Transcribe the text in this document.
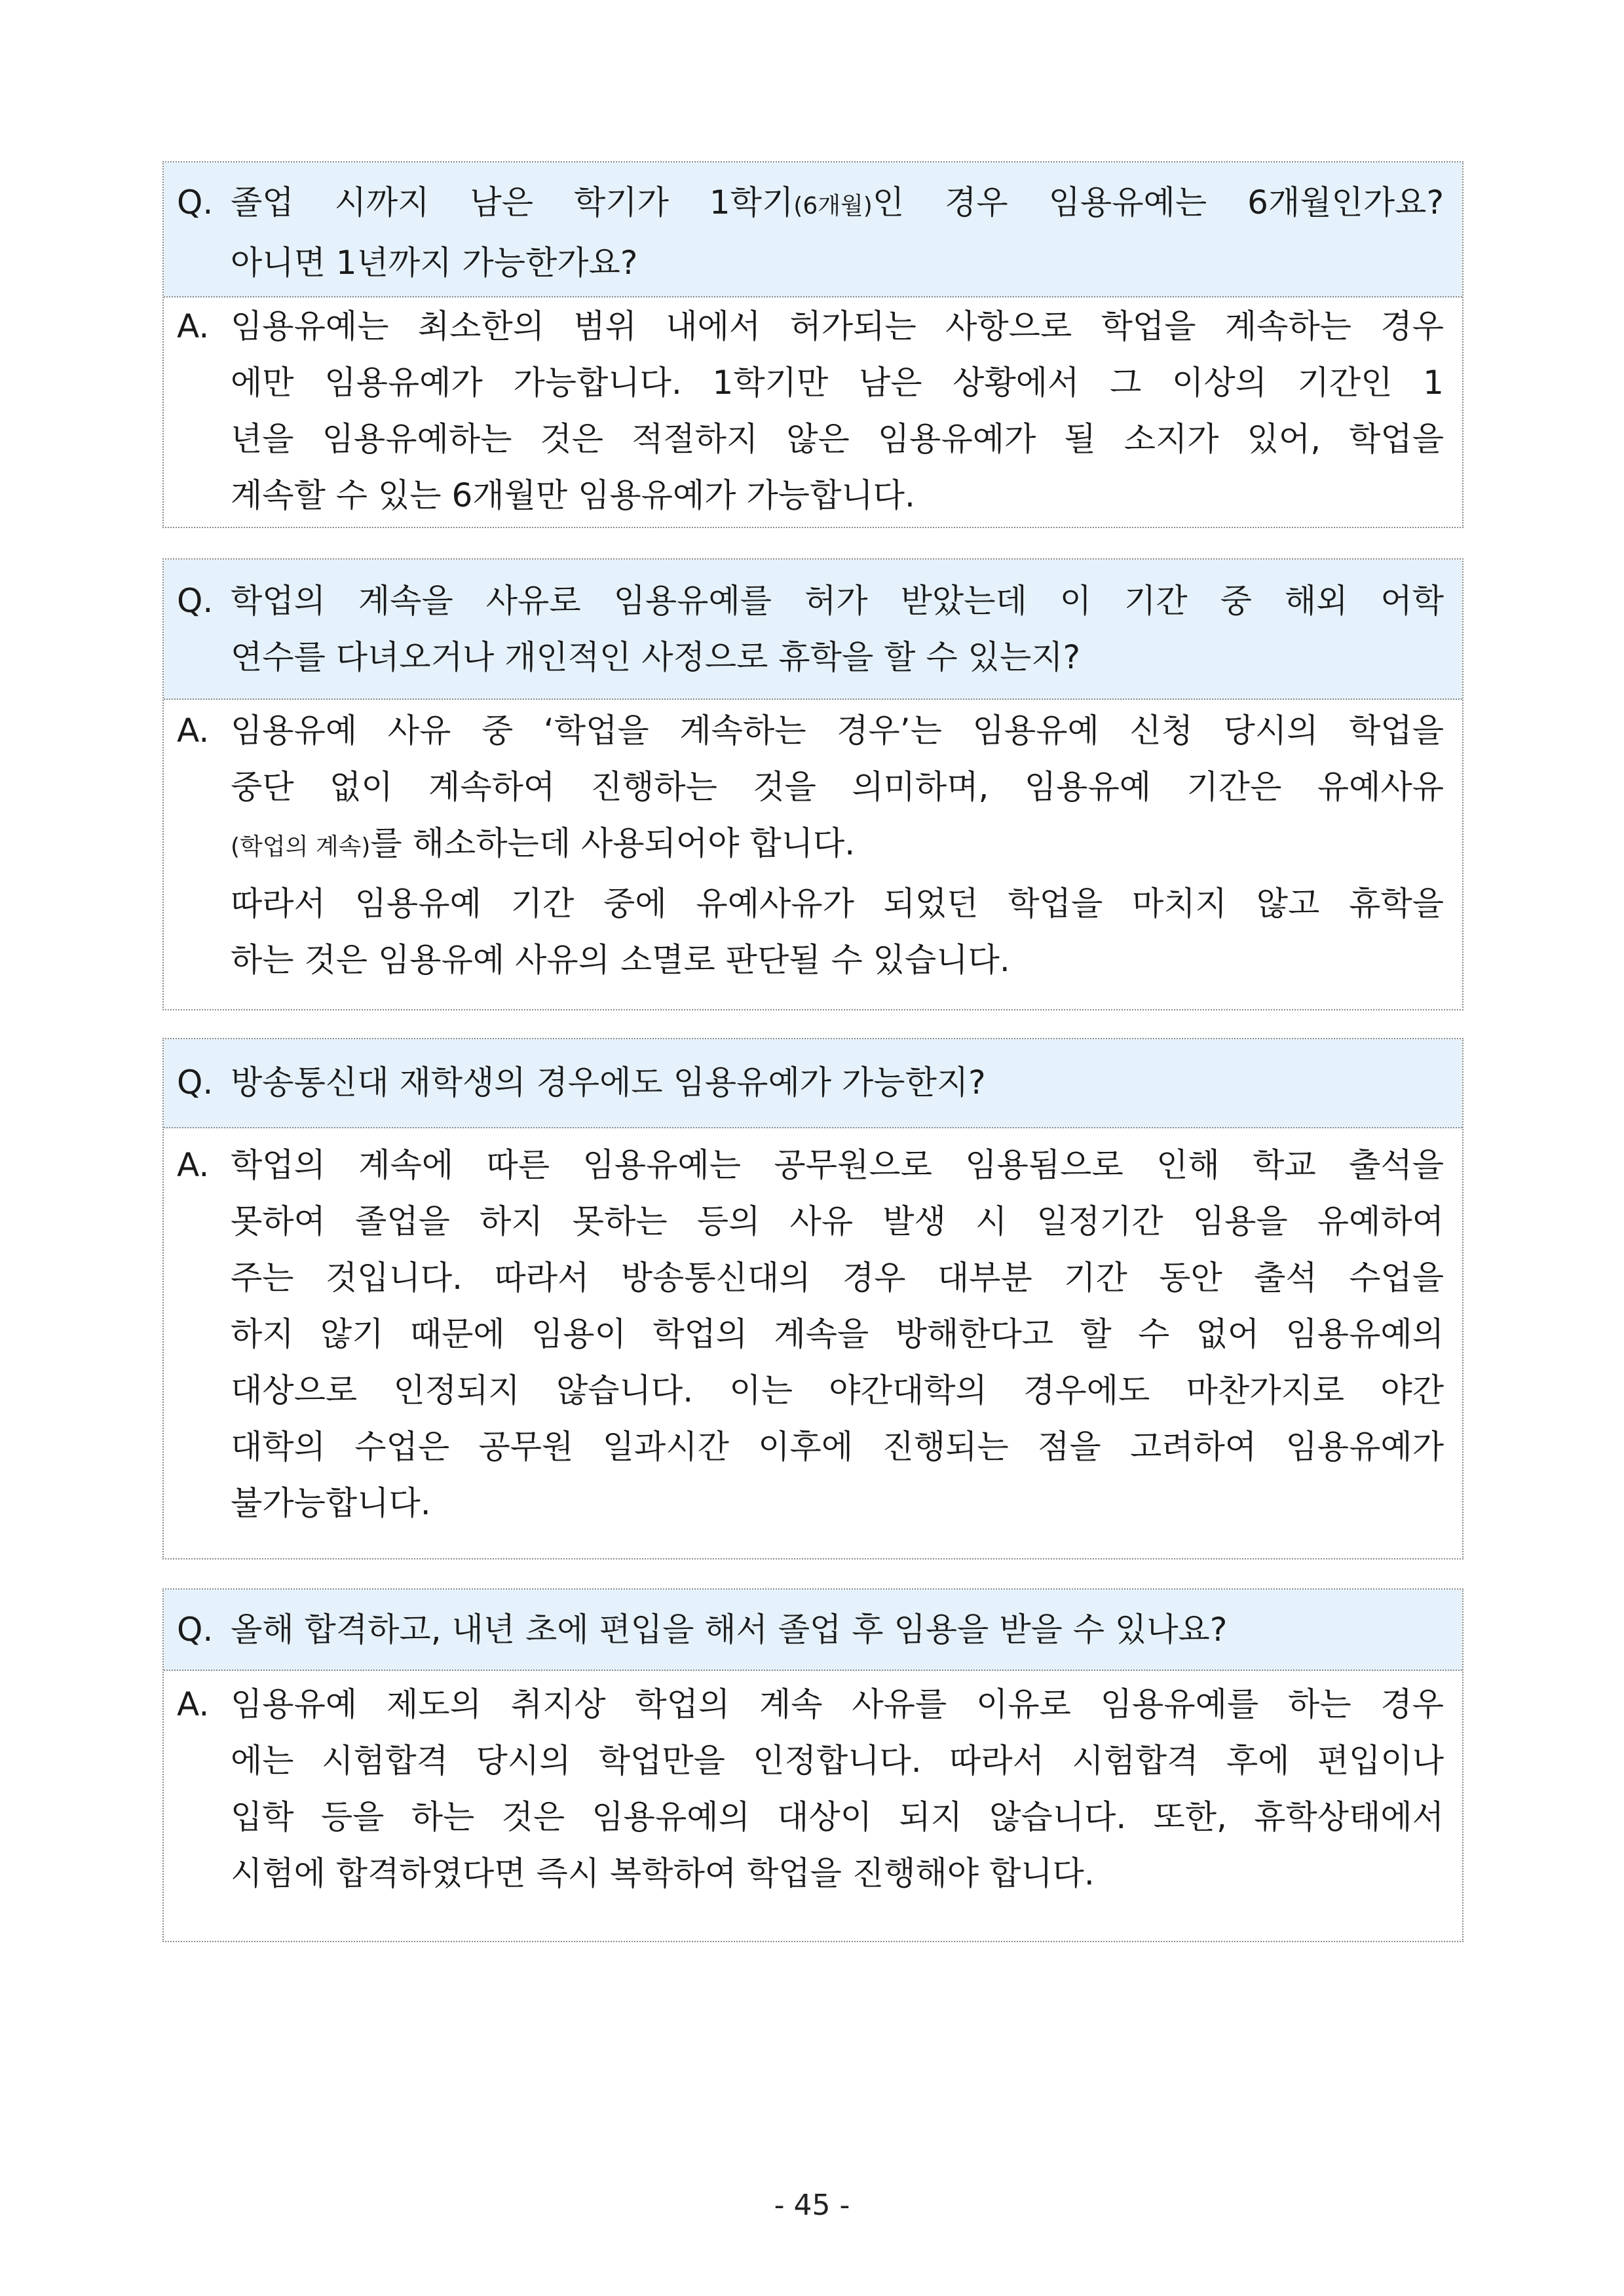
Q. 졸업 시까지 남은 학기가 1학기(6개월)인 경우 임용유예는 6개월인가요?
아니면 1년까지 가능한가요?
A. 임용유예는 최소한의 범위 내에서 허가되는 사항으로 학업을 계속하는 경우
에만 임용유예가 가능합니다. 1학기만 남은 상황에서 그 이상의 기간인 1
년을 임용유예하는 것은 적절하지 않은 임용유예가 될 소지가 있어, 학업을
계속할 수 있는 6개월만 임용유예가 가능합니다.
Q. 학업의 계속을 사유로 임용유예를 허가 받았는데 이 기간 중 해외 어학
연수를 다녀오거나 개인적인 사정으로 휴학을 할 수 있는지?
A. 임용유예 사유 중 ‘학업을 계속하는 경우’는 임용유예 신청 당시의 학업을
중단 없이 계속하여 진행하는 것을 의미하며, 임용유예 기간은 유예사유
(학업의 계속)를 해소하는데 사용되어야 합니다.
따라서 임용유예 기간 중에 유예사유가 되었던 학업을 마치지 않고 휴학을
하는 것은 임용유예 사유의 소멸로 판단될 수 있습니다.
Q. 방송통신대 재학생의 경우에도 임용유예가 가능한지?
A. 학업의 계속에 따른 임용유예는 공무원으로 임용됨으로 인해 학교 출석을
못하여 졸업을 하지 못하는 등의 사유 발생 시 일정기간 임용을 유예하여
주는 것입니다. 따라서 방송통신대의 경우 대부분 기간 동안 출석 수업을
하지 않기 때문에 임용이 학업의 계속을 방해한다고 할 수 없어 임용유예의
대상으로 인정되지 않습니다. 이는 야간대학의 경우에도 마찬가지로 야간
대학의 수업은 공무원 일과시간 이후에 진행되는 점을 고려하여 임용유예가
불가능합니다.
Q. 올해 합격하고, 내년 초에 편입을 해서 졸업 후 임용을 받을 수 있나요?
A. 임용유예 제도의 취지상 학업의 계속 사유를 이유로 임용유예를 하는 경우
에는 시험합격 당시의 학업만을 인정합니다. 따라서 시험합격 후에 편입이나
입학 등을 하는 것은 임용유예의 대상이 되지 않습니다. 또한, 휴학상태에서
시험에 합격하였다면 즉시 복학하여 학업을 진행해야 합니다.
- 45 -
